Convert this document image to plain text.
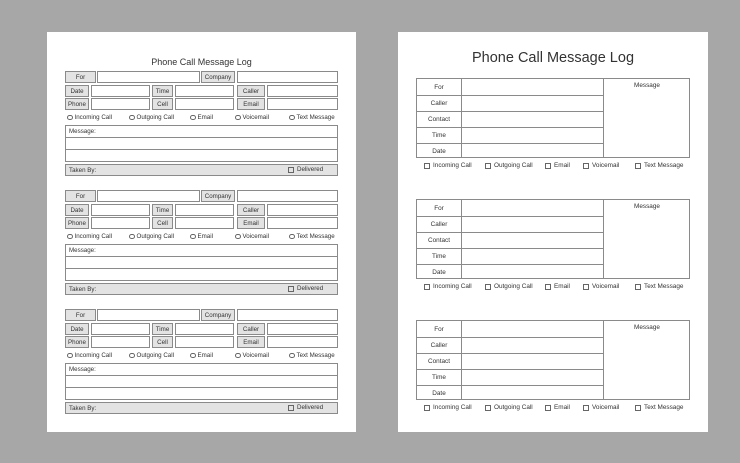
Phone Call Message Log
For	Company
Date	Time	Caller
Phone	Cell	Email
Incoming Call	Outgoing Call	Email	Voicemail	Text Message
Message:
Taken By:	Delivered
For	Company
Date	Time	Caller
Phone	Cell	Email
Incoming Call	Outgoing Call	Email	Voicemail	Text Message
Message:
Taken By:	Delivered
For	Company
Date	Time	Caller
Phone	Cell	Email
Incoming Call	Outgoing Call	Email	Voicemail	Text Message
Message:
Taken By:	Delivered
Phone Call Message Log
For
Caller
Contact
Time
Date
Message
Incoming Call	Outgoing Call	Email	Voicemail	Text Message
For
Caller
Contact
Time
Date
Message
Incoming Call	Outgoing Call	Email	Voicemail	Text Message
For
Caller
Contact
Time
Date
Message
Incoming Call	Outgoing Call	Email	Voicemail	Text Message
